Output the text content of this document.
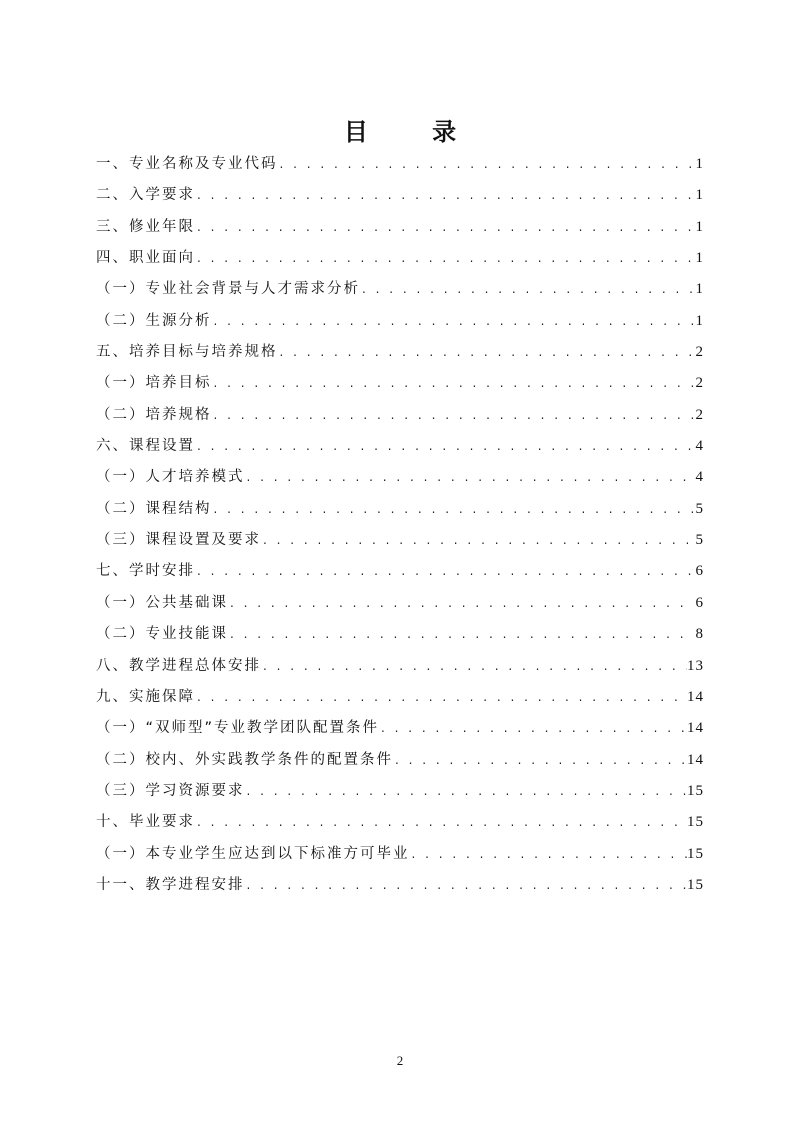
目 录
一、专业名称及专业代码 . . .	1
二、入学要求 . . .	1
三、修业年限 . . .	1
四、职业面向 . . .	1
（一）专业社会背景与人才需求分析 . . .	1
（二）生源分析 . . .	1
五、培养目标与培养规格 . . .	2
（一）培养目标 . . .	2
（二）培养规格 . . .	2
六、课程设置 . . .	4
（一）人才培养模式 . . .	4
（二）课程结构 . . .	5
（三）课程设置及要求 . . .	5
七、学时安排 . . .	6
（一）公共基础课 . . .	6
（二）专业技能课 . . .	8
八、教学进程总体安排 . . .	13
九、实施保障 . . .	14
（一）“双师型”专业教学团队配置条件 . . .	14
（二）校内、外实践教学条件的配置条件 . . .	14
（三）学习资源要求 . . .	15
十、毕业要求 . . .	15
（一）本专业学生应达到以下标准方可毕业 . . .	15
十一、教学进程安排 . . .	15
2
